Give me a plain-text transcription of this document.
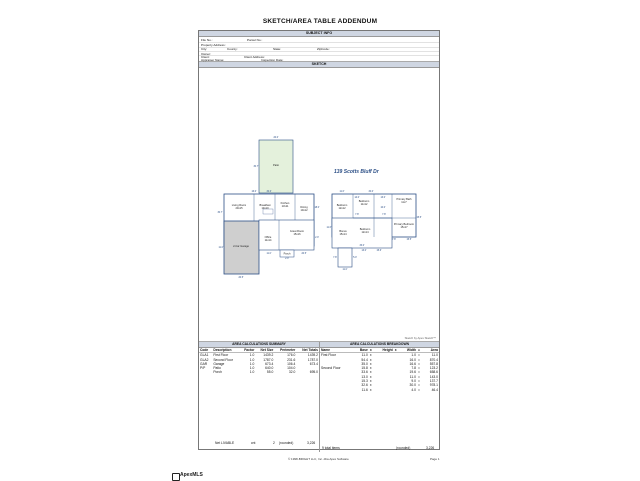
SKETCH/AREA TABLE ADDENDUM
SUBJECT INFO
File No.:	Parcel No.:
Property Address:
City:	County:	State:	ZipCode:
Owner:
Client:	Client Address:
Appraiser Name:	Inspection Date:
SKETCH
139 Scotts Bluff Dr
Patio
Living Room
20x15
Breakfast
13x10
Kitchen
13x11	Dining
10x12
2-Car Garage
Office
11x14
Great Room
15x16
Porch
Bedroom
12x12
Bedroom
11x12
Primary Bath
11x7
Primary Bedroom
15x17
Bonus
15x14
Bedroom
12x14
20.0'
30.7'
16.0'
30.7'
34.0'
18.0'
11.0'
20.5'
11.0'	20.5'
2.0'
2.0'
34.0'
15.5'
11.6'
11.6'
7.8'	7.8'
7.8'	15.5'
13.0'
33.0'
11.0'
7.8'
15.6'
5.0'
14.0'	13.0'
10.0'
Sketch by Apex Sketch™
AREA CALCULATIONS SUMMARY
Code	Description	Factor	Net Size	Perimeter	Net Totals
GLA1	First Floor	1.0	1439.2	176.0	1439.2
GLA2	Second Floor	1.0	1787.0	231.6	1787.0
GAR	Garage	1.0	673.4	106.4	673.4
P/P	Patio	1.0	640.0	104.0	
	Porch	1.0	55.0	32.0	695.0
Net LIVABLE	cnt	2 (rounded)	3,226
AREA CALCULATIONS BREAKDOWN
Name	Base	x	Height	x	Width	=	Area
First Floor	11.0	x			1.0	=	11.0
	54.4	x			16.0	=	870.4
	35.0	x			16.6	=	557.8
Second Floor	15.8	x			7.8	=	123.2
	33.6	x			19.6	=	658.6
	13.0	x			11.0	=	143.0
	15.3	x			9.0	=	137.7
	32.6	x			30.0	=	978.1
	11.6	x			4.0	=	46.4
9 total items	(rounded)	3,226
© 1998-BRIGHT LLC, Inc. dba Apex Software	Page 1
ApexMLS
